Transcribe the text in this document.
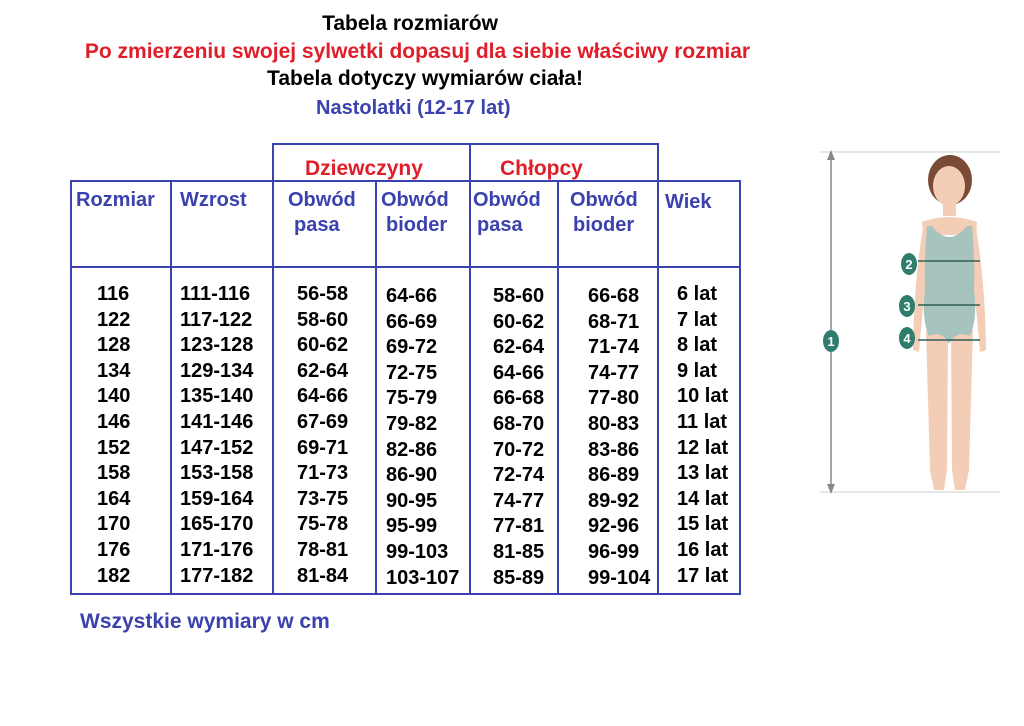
Tabela rozmiarów
Po zmierzeniu swojej sylwetki dopasuj dla siebie właściwy rozmiar
Tabela dotyczy wymiarów ciała!
Nastolatki (12-17 lat)
Dziewczyny	Chłopcy
Rozmiar Wzrost Obwód
pasa
Obwód
bioder
Obwód
pasa
Obwód
bioder
Wiek
116
122
128
134
140
146
152
158
164
170
176
182
111-116
117-122
123-128
129-134
135-140
141-146
147-152
153-158
159-164
165-170
171-176
177-182
56-58
58-60
60-62
62-64
64-66
67-69
69-71
71-73
73-75
75-78
78-81
81-84
64-66
66-69
69-72
72-75
75-79
79-82
82-86
86-90
90-95
95-99
99-103
103-107
58-60
60-62
62-64
64-66
66-68
68-70
70-72
72-74
74-77
77-81
81-85
85-89
66-68
68-71
71-74
74-77
77-80
80-83
83-86
86-89
89-92
92-96
96-99
99-104
6 lat
7 lat
8 lat
9 lat
10 lat
11 lat
12 lat
13 lat
14 lat
15 lat
16 lat
17 lat
Wszystkie wymiary w cm
1
2
3
4
